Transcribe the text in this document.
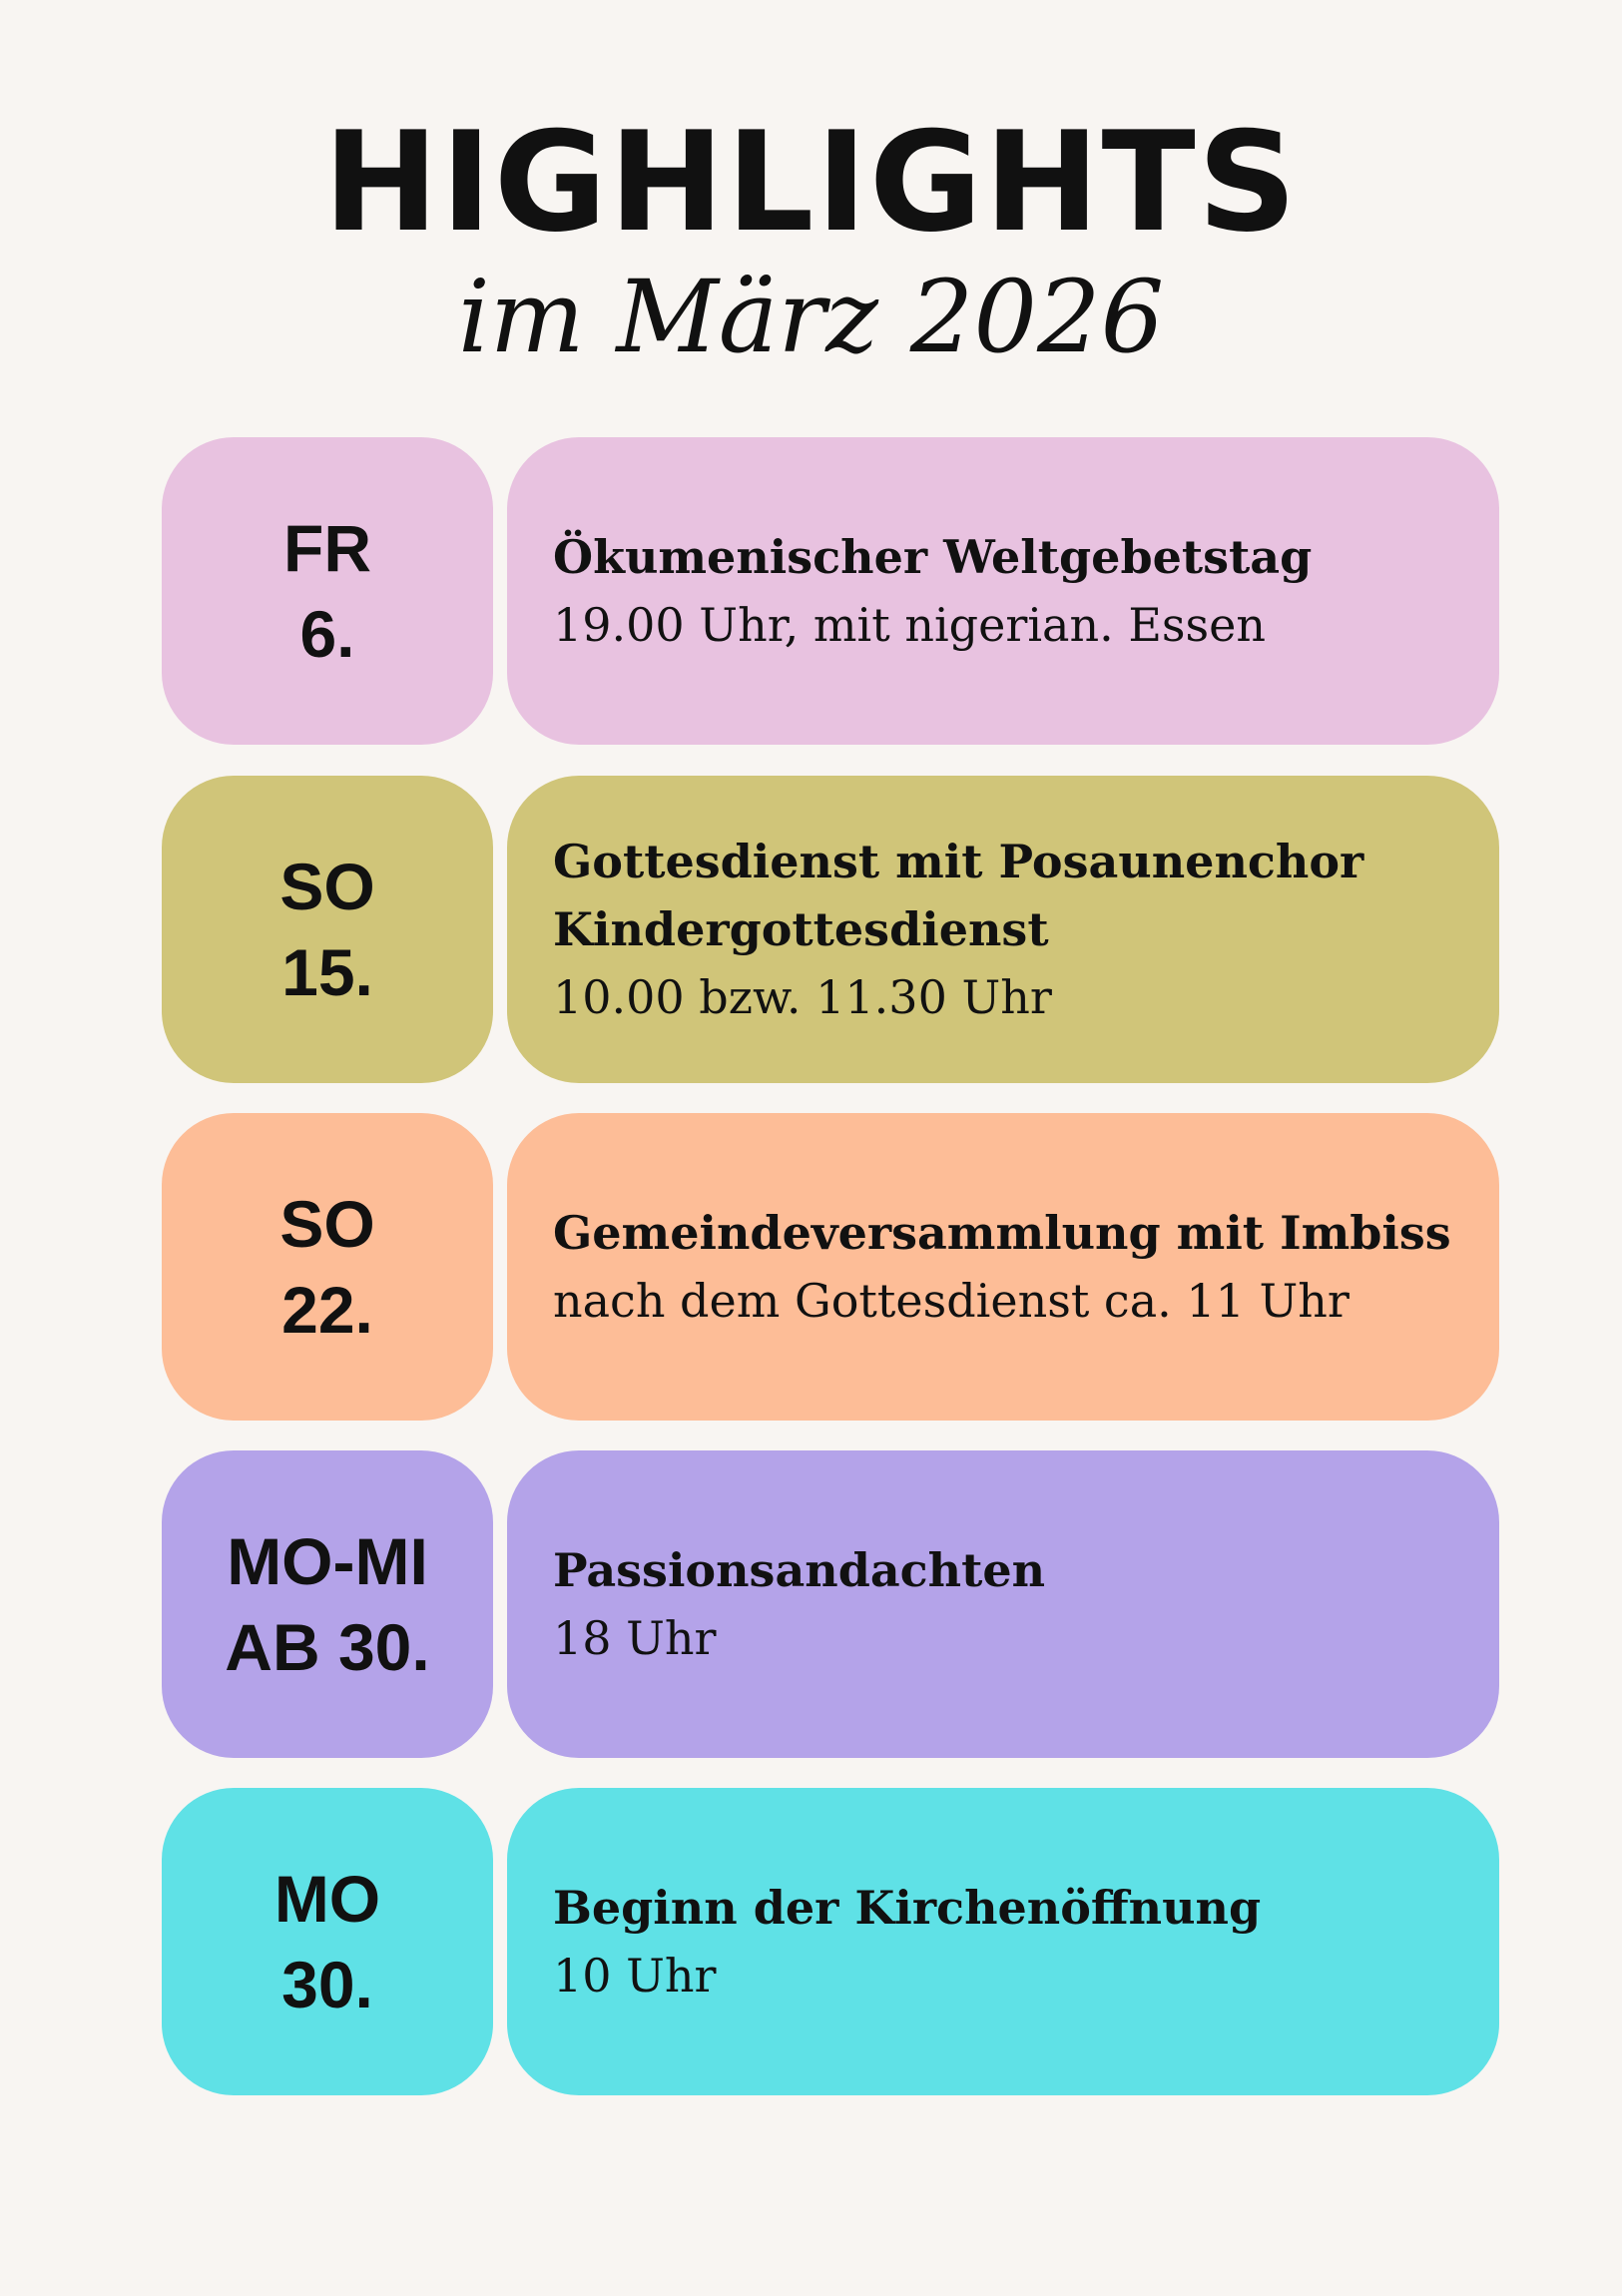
HIGHLIGHTS
im März 2026
FR
6.
Ökumenischer Weltgebetstag
19.00 Uhr, mit nigerian. Essen
SO
15.
Gottesdienst mit Posaunenchor
Kindergottesdienst
10.00 bzw. 11.30 Uhr
SO
22.
Gemeindeversammlung mit Imbiss
nach dem Gottesdienst ca. 11 Uhr
MO-MI
AB 30.
Passionsandachten
18 Uhr
MO
30.
Beginn der Kirchenöffnung
10 Uhr
